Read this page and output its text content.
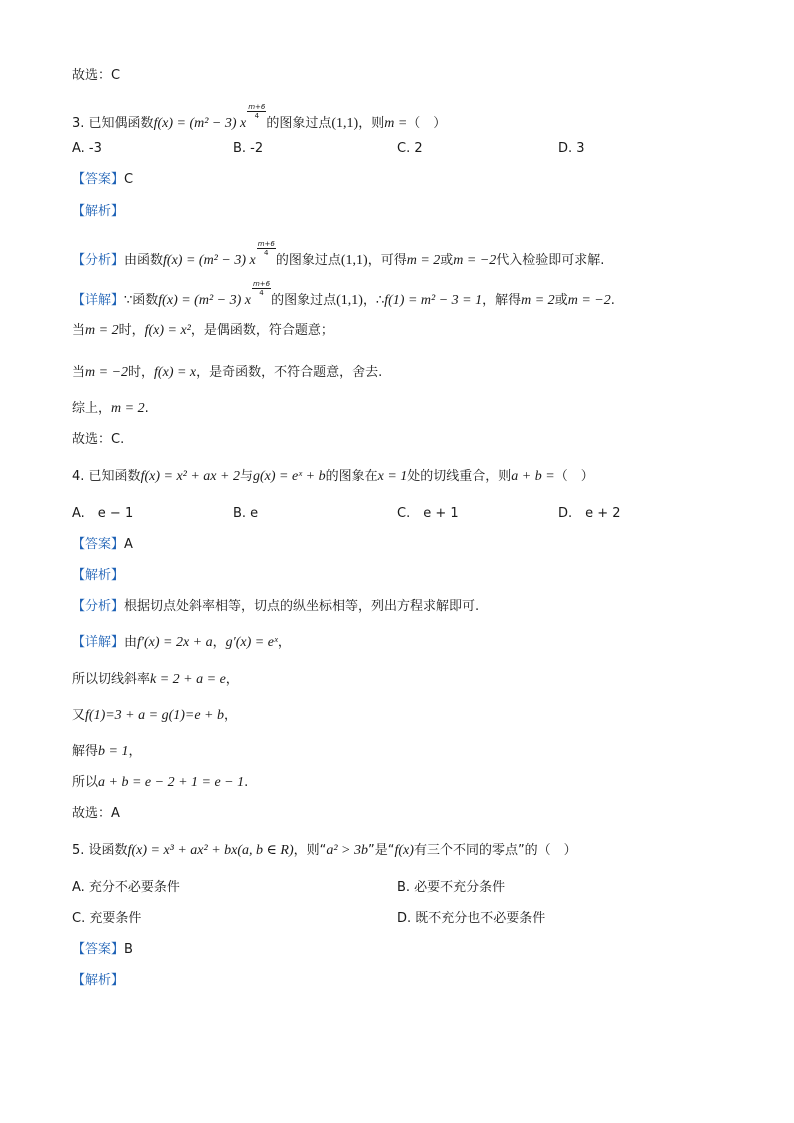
故选：C
3. 已知偶函数f(x) = (m² − 3) x
$\frac{m+6}{4}$
的图象过点(1,1)，则m =（　）
A. -3	B. -2	C. 2	D. 3
【答案】C
【解析】
【分析】由函数f(x) = (m² − 3) x
$\frac{m+6}{4}$
的图象过点(1,1)，可得m = 2或m = −2代入检验即可求解.
【详解】∵函数f(x) = (m² − 3) x
$\frac{m+6}{4}$
的图象过点(1,1)，∴f(1) = m² − 3 = 1，解得m = 2或m = −2.
当m = 2时，f(x) = x²，是偶函数，符合题意；
当m = −2时，f(x) = x，是奇函数，不符合题意，舍去.
综上，m = 2.
故选：C.
4. 已知函数f(x) = x² + ax + 2与g(x) = eˣ + b的图象在x = 1处的切线重合，则a + b =（　）
A.　e − 1	B. e	C.　e + 1	D.　e + 2
【答案】A
【解析】
【分析】根据切点处斜率相等，切点的纵坐标相等，列出方程求解即可.
【详解】由f′(x) = 2x + a，g′(x) = eˣ，
所以切线斜率k = 2 + a = e，
又f(1)=3 + a = g(1)=e + b，
解得b = 1，
所以a + b = e − 2 + 1 = e − 1.
故选：A
5. 设函数f(x) = x³ + ax² + bx(a, b ∈ R)，则“a² > 3b”是“f(x)有三个不同的零点”的（　）
A. 充分不必要条件	B. 必要不充分条件
C. 充要条件	D. 既不充分也不必要条件
【答案】B
【解析】
